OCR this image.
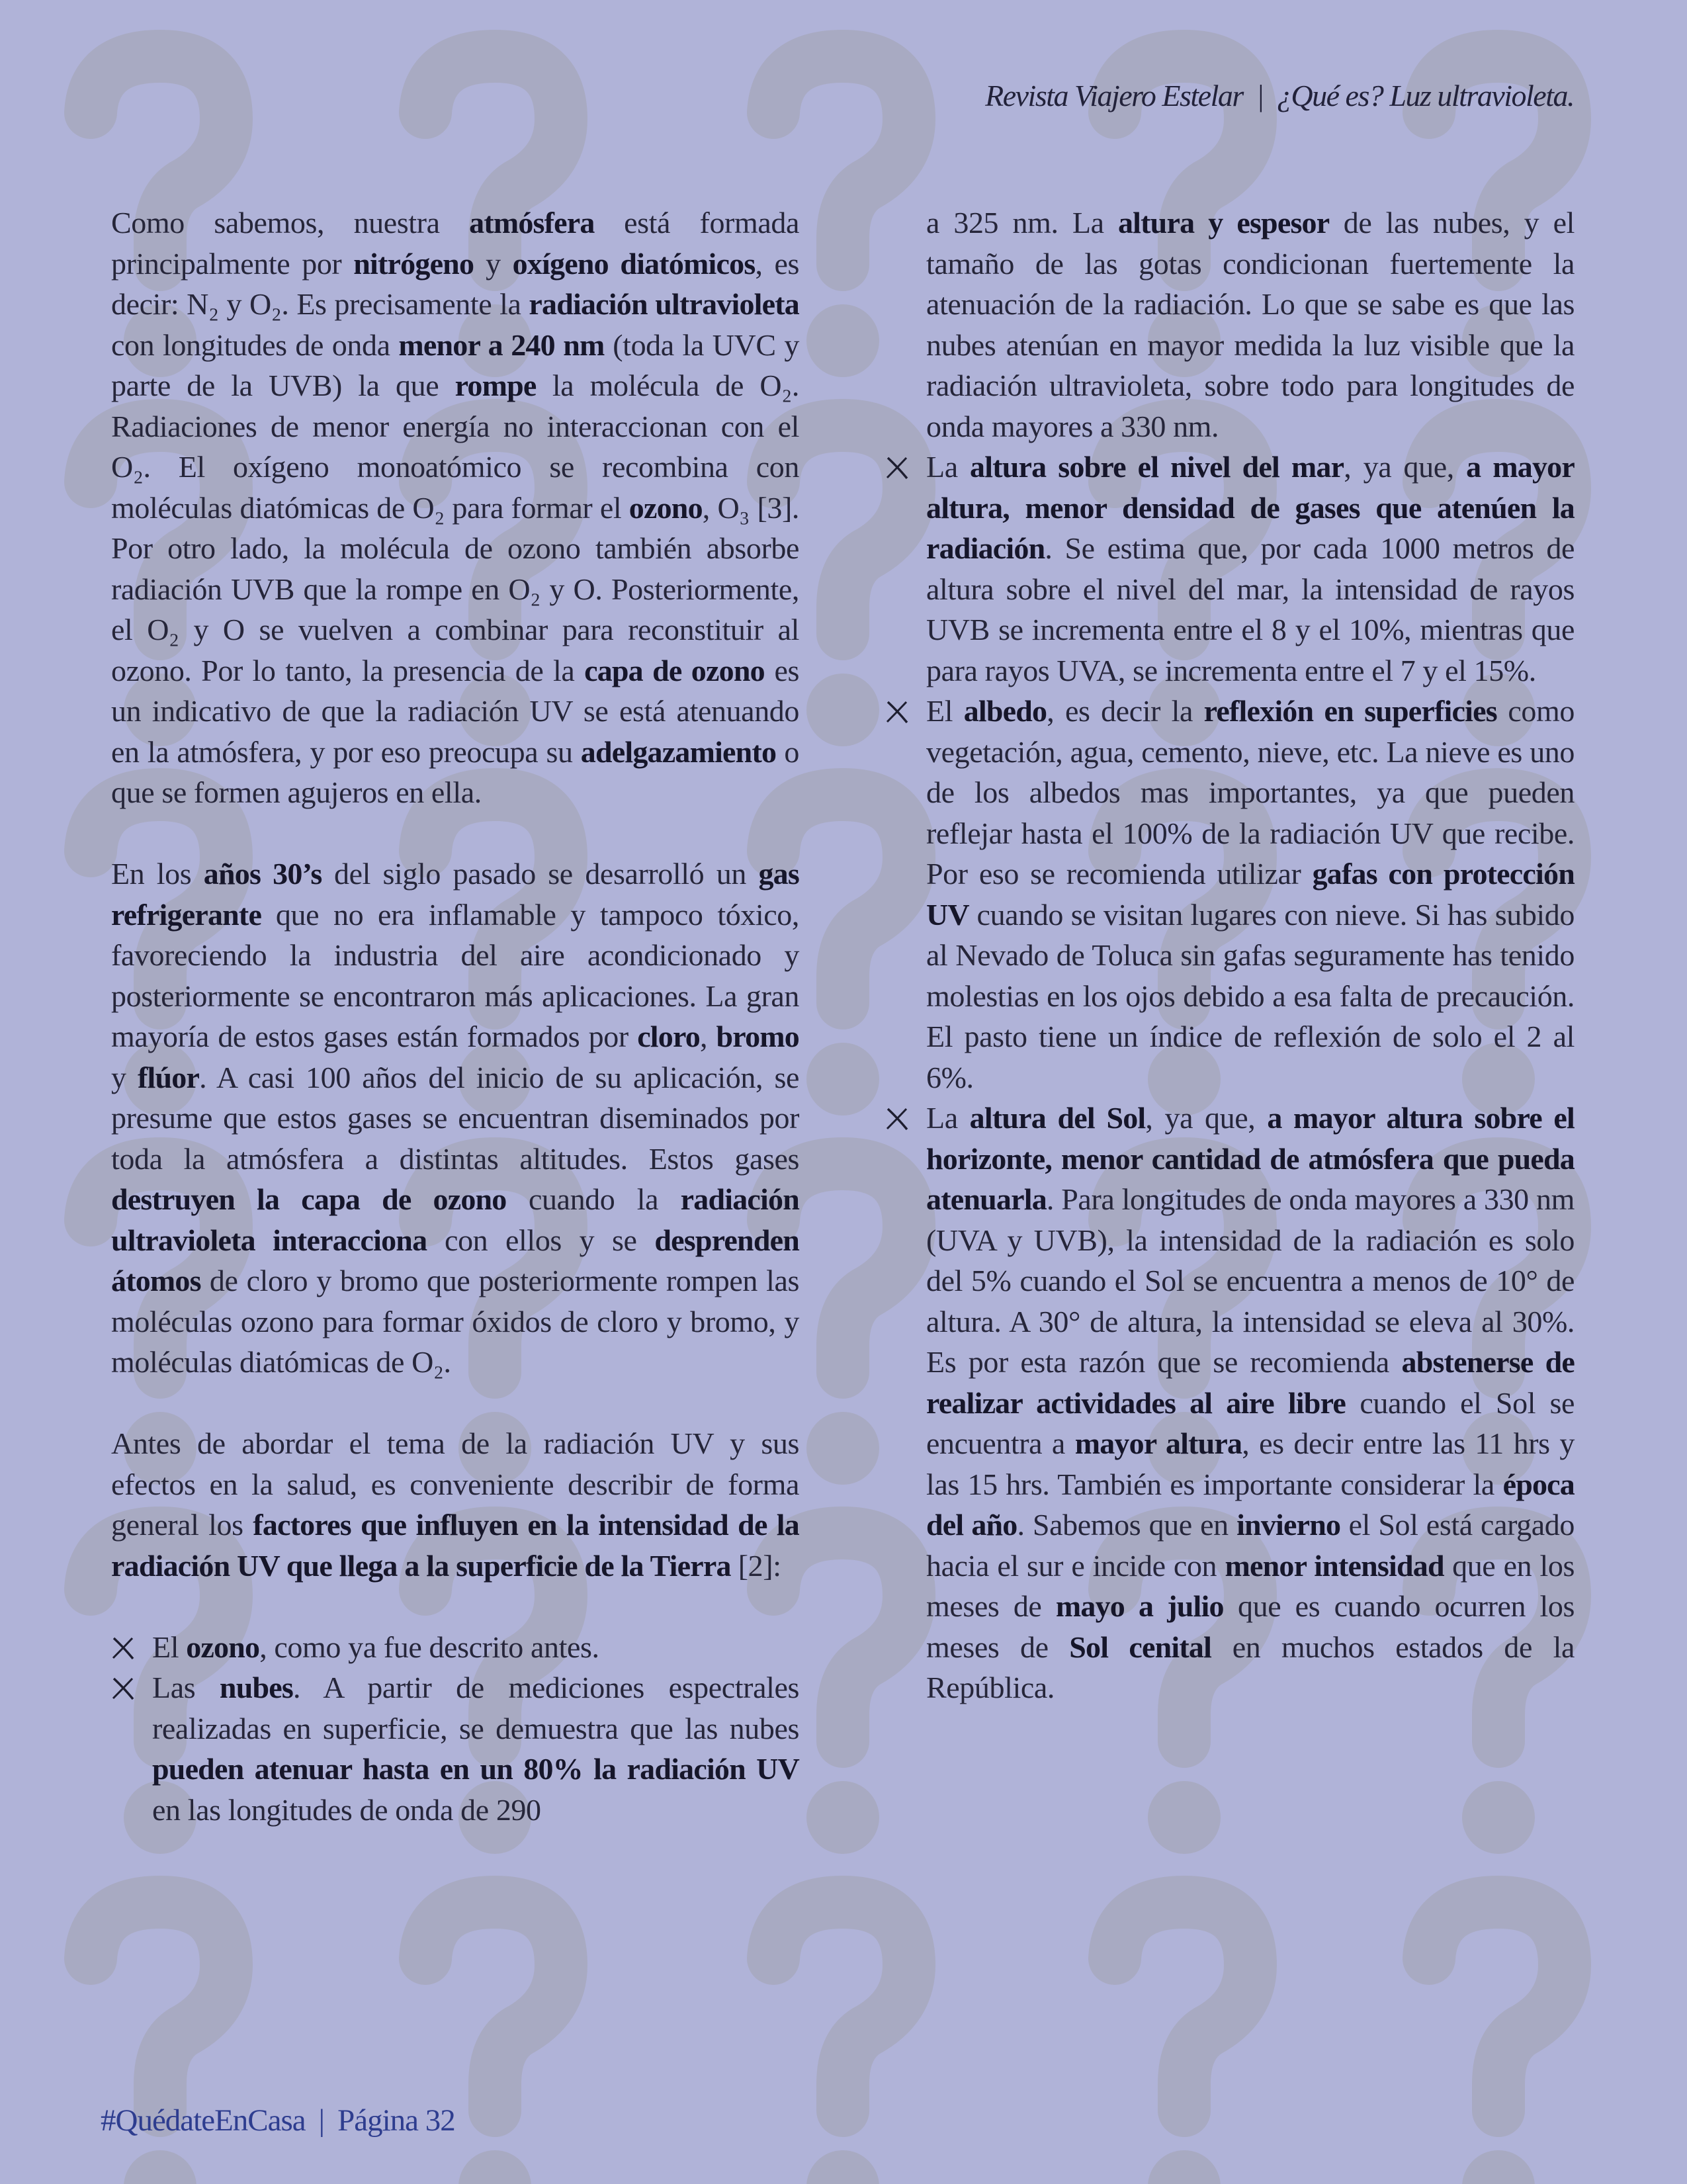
Revista Viajero Estelar | ¿Qué es? Luz ultravioleta.

Como sabemos, nuestra atmósfera está formada principalmente por nitrógeno y oxígeno diatómicos, es decir: N₂ y O₂. Es precisamente la radiación ultravioleta con longitudes de onda menor a 240 nm (toda la UVC y parte de la UVB) la que rompe la molécula de O₂. Radiaciones de menor energía no interaccionan con el O₂. El oxígeno monoatómico se recombina con moléculas diatómicas de O₂ para formar el ozono, O₃ [3]. Por otro lado, la molécula de ozono también absorbe radiación UVB que la rompe en O₂ y O. Posteriormente, el O₂ y O se vuelven a combinar para reconstituir al ozono. Por lo tanto, la presencia de la capa de ozono es un indicativo de que la radiación UV se está atenuando en la atmósfera, y por eso preocupa su adelgazamiento o que se formen agujeros en ella.

En los años 30’s del siglo pasado se desarrolló un gas refrigerante que no era inflamable y tampoco tóxico, favoreciendo la industria del aire acondicionado y posteriormente se encontraron más aplicaciones. La gran mayoría de estos gases están formados por cloro, bromo y flúor. A casi 100 años del inicio de su aplicación, se presume que estos gases se encuentran diseminados por toda la atmósfera a distintas altitudes. Estos gases destruyen la capa de ozono cuando la radiación ultravioleta interacciona con ellos y se desprenden átomos de cloro y bromo que posteriormente rompen las moléculas ozono para formar óxidos de cloro y bromo, y moléculas diatómicas de O₂.

Antes de abordar el tema de la radiación UV y sus efectos en la salud, es conveniente describir de forma general los factores que influyen en la intensidad de la radiación UV que llega a la superficie de la Tierra [2]:

El ozono, como ya fue descrito antes.
Las nubes. A partir de mediciones espectrales realizadas en superficie, se demuestra que las nubes pueden atenuar hasta en un 80% la radiación UV en las longitudes de onda de 290
a 325 nm. La altura y espesor de las nubes, y el tamaño de las gotas condicionan fuertemente la atenuación de la radiación. Lo que se sabe es que las nubes atenúan en mayor medida la luz visible que la radiación ultravioleta, sobre todo para longitudes de onda mayores a 330 nm.
La altura sobre el nivel del mar, ya que, a mayor altura, menor densidad de gases que atenúen la radiación. Se estima que, por cada 1000 metros de altura sobre el nivel del mar, la intensidad de rayos UVB se incrementa entre el 8 y el 10%, mientras que para rayos UVA, se incrementa entre el 7 y el 15%.
El albedo, es decir la reflexión en superficies como vegetación, agua, cemento, nieve, etc. La nieve es uno de los albedos mas importantes, ya que pueden reflejar hasta el 100% de la radiación UV que recibe. Por eso se recomienda utilizar gafas con protección UV cuando se visitan lugares con nieve. Si has subido al Nevado de Toluca sin gafas seguramente has tenido molestias en los ojos debido a esa falta de precaución. El pasto tiene un índice de reflexión de solo el 2 al 6%.
La altura del Sol, ya que, a mayor altura sobre el horizonte, menor cantidad de atmósfera que pueda atenuarla. Para longitudes de onda mayores a 330 nm (UVA y UVB), la intensidad de la radiación es solo del 5% cuando el Sol se encuentra a menos de 10° de altura. A 30° de altura, la intensidad se eleva al 30%. Es por esta razón que se recomienda abstenerse de realizar actividades al aire libre cuando el Sol se encuentra a mayor altura, es decir entre las 11 hrs y las 15 hrs. También es importante considerar la época del año. Sabemos que en invierno el Sol está cargado hacia el sur e incide con menor intensidad que en los meses de mayo a julio que es cuando ocurren los meses de Sol cenital en muchos estados de la República.
#QuédateEnCasa | Página 32
